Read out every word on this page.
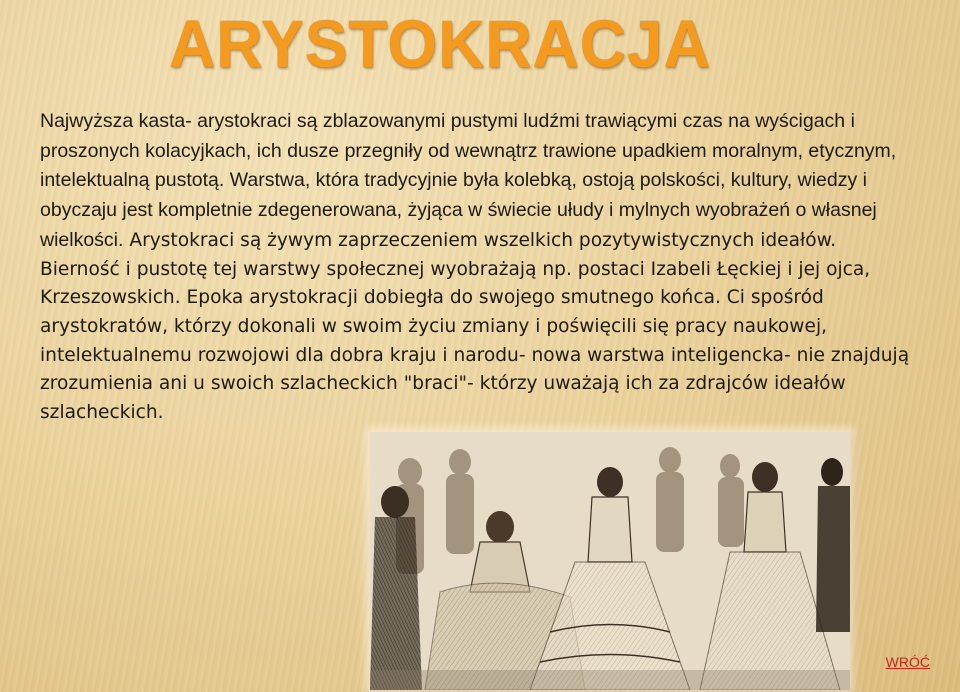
ARYSTOKRACJA

Najwyższa kasta- arystokraci są zblazowanymi pustymi ludźmi trawiącymi czas na wyścigach i proszonych kolacyjkach, ich dusze przegniły od wewnątrz trawione upadkiem moralnym, etycznym, intelektualną pustotą. Warstwa, która tradycyjnie była kolebką, ostoją polskości, kultury, wiedzy i obyczaju jest kompletnie zdegenerowana, żyjąca w świecie ułudy i mylnych wyobrażeń o własnej wielkości. Arystokraci są żywym zaprzeczeniem wszelkich pozytywistycznych ideałów. Bierność i pustotę tej warstwy społecznej wyobrażają np. postaci Izabeli Łęckiej i jej ojca, Krzeszowskich. Epoka arystokracji dobiegła do swojego smutnego końca. Ci spośród arystokratów, którzy dokonali w swoim życiu zmiany i poświęcili się pracy naukowej, intelektualnemu rozwojowi dla dobra kraju i narodu- nowa warstwa inteligencka- nie znajdują zrozumienia ani u swoich szlacheckich "braci"- którzy uważają ich za zdrajców ideałów szlacheckich.

WRÓĆ
